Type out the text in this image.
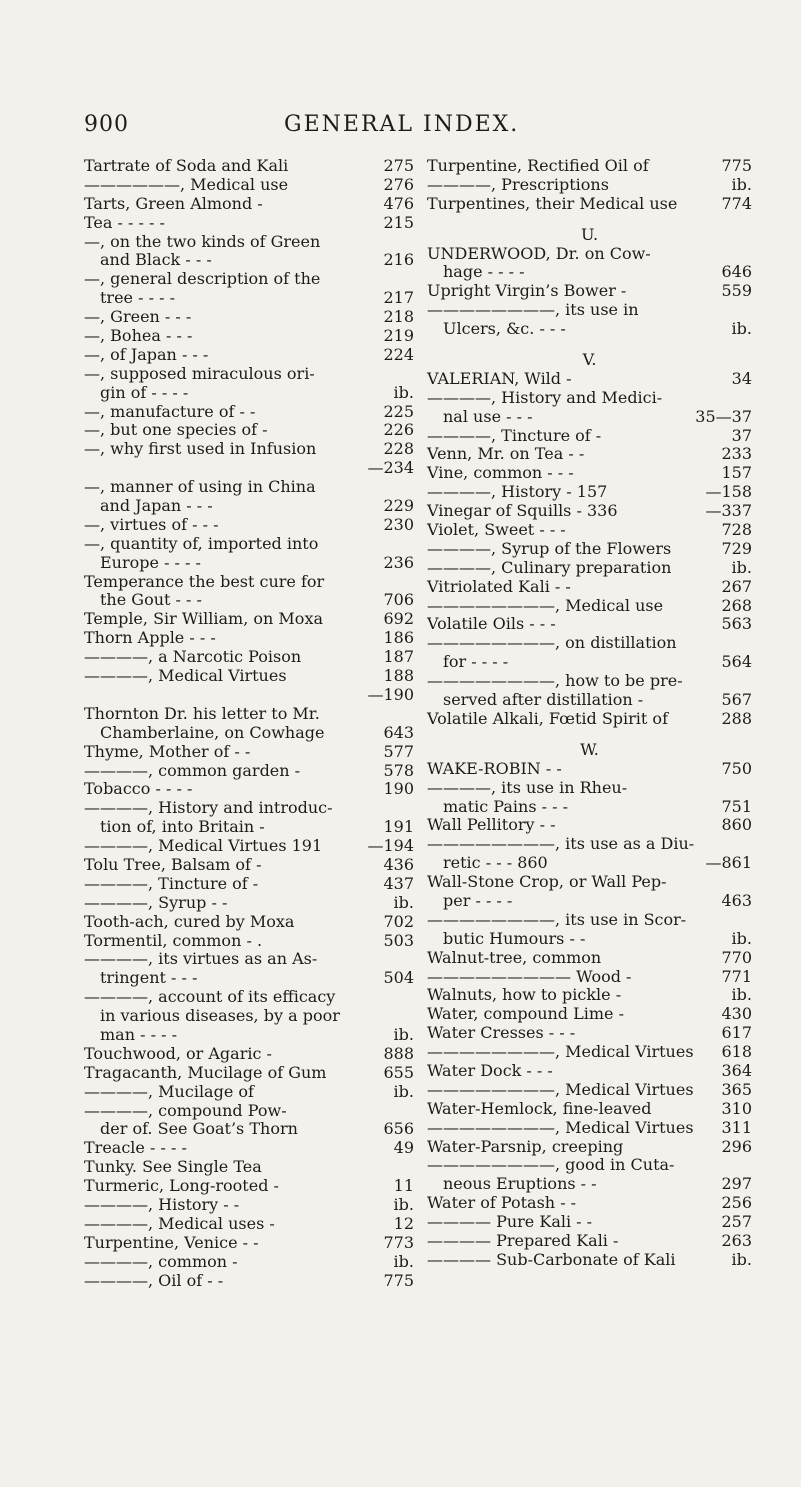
900	GENERAL INDEX.
Tartrate of Soda and Kali	275
——————, Medical use	276
Tarts, Green Almond -	476
Tea - - - - -	215
—, on the two kinds of Green
and Black - - -	216
—, general description of the
tree - - - -	217
—, Green - - -	218
—, Bohea - - -	219
—, of Japan - - -	224
—, supposed miraculous ori-
gin of - - - -	ib.
—, manufacture of - -	225
—, but one species of -	226
—, why first used in Infusion	228
—234
—, manner of using in China
and Japan - - -	229
—, virtues of - - -	230
—, quantity of, imported into
Europe - - - -	236
Temperance the best cure for
the Gout - - -	706
Temple, Sir William, on Moxa	692
Thorn Apple - - -	186
————, a Narcotic Poison	187
————, Medical Virtues	188
—190
Thornton Dr. his letter to Mr.
Chamberlaine, on Cowhage	643
Thyme, Mother of - -	577
————, common garden -	578
Tobacco - - - -	190
————, History and introduc-
tion of, into Britain -	191
————, Medical Virtues 191	—194
Tolu Tree, Balsam of -	436
————, Tincture of -	437
————, Syrup - -	ib.
Tooth-ach, cured by Moxa	702
Tormentil, common - .	503
————, its virtues as an As-
tringent - - -	504
————, account of its efficacy
in various diseases, by a poor
man - - - -	ib.
Touchwood, or Agaric -	888
Tragacanth, Mucilage of Gum	655
————, Mucilage of	ib.
————, compound Pow-
der of. See Goat’s Thorn	656
Treacle - - - -	49
Tunky. See Single Tea
Turmeric, Long-rooted -	11
————, History - -	ib.
————, Medical uses -	12
Turpentine, Venice - -	773
————, common -	ib.
————, Oil of - -	775
Turpentine, Rectified Oil of	775
————, Prescriptions	ib.
Turpentines, their Medical use	774
U.
UNDERWOOD, Dr. on Cow-
hage - - - -	646
Upright Virgin’s Bower -	559
————————, its use in
Ulcers, &c. - - -	ib.
V.
VALERIAN, Wild -	34
————, History and Medici-
nal use - - -	35—37
————, Tincture of -	37
Venn, Mr. on Tea - -	233
Vine, common - - -	157
————, History - 157	—158
Vinegar of Squills - 336	—337
Violet, Sweet - - -	728
————, Syrup of the Flowers	729
————, Culinary preparation	ib.
Vitriolated Kali - -	267
————————, Medical use	268
Volatile Oils - - -	563
————————, on distillation
for - - - -	564
————————, how to be pre-
served after distillation -	567
Volatile Alkali, Fœtid Spirit of	288
W.
WAKE-ROBIN - -	750
————, its use in Rheu-
matic Pains - - -	751
Wall Pellitory - -	860
————————, its use as a Diu-
retic - - - 860	—861
Wall-Stone Crop, or Wall Pep-
per - - - -	463
————————, its use in Scor-
butic Humours - -	ib.
Walnut-tree, common	770
————————— Wood -	771
Walnuts, how to pickle -	ib.
Water, compound Lime -	430
Water Cresses - - -	617
————————, Medical Virtues 618
Water Dock - - -	364
————————, Medical Virtues 365
Water-Hemlock, fine-leaved	310
————————, Medical Virtues 311
Water-Parsnip, creeping	296
————————, good in Cuta-
neous Eruptions - -	297
Water of Potash - -	256
———— Pure Kali - -	257
———— Prepared Kali -	263
———— Sub-Carbonate of Kali	ib.
